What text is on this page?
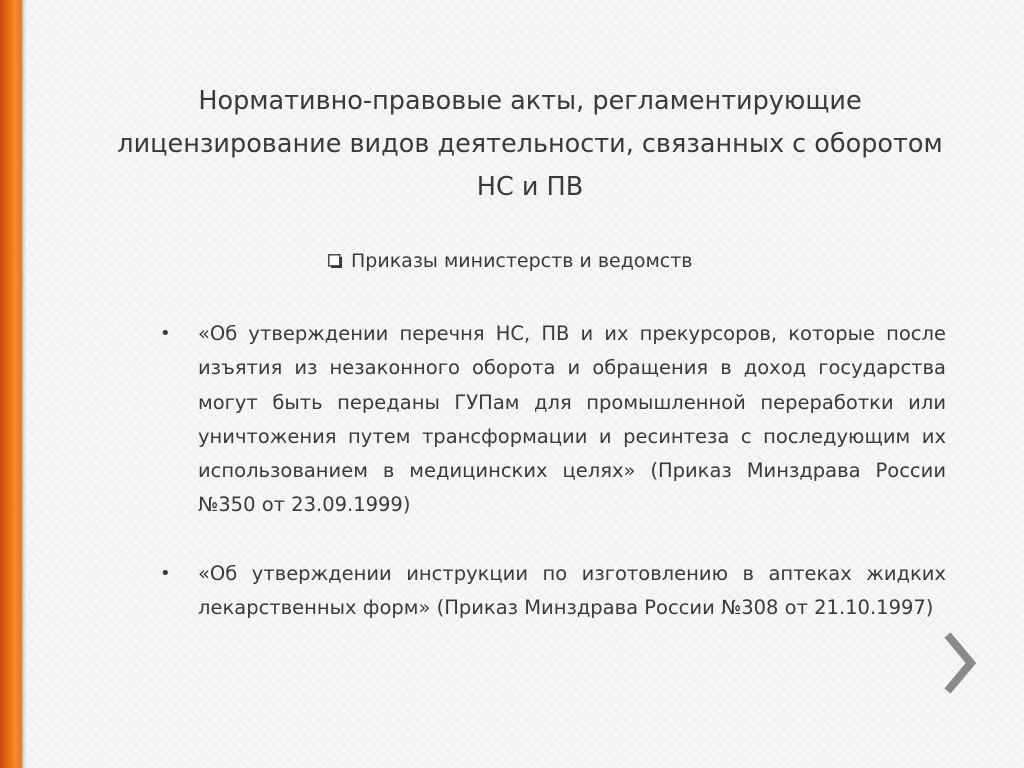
Нормативно-правовые акты, регламентирующие лицензирование видов деятельности, связанных с оборотом НС и ПВ
Приказы министерств и ведомств
• «Об утверждении перечня НС, ПВ и их прекурсоров, которые после изъятия из незаконного оборота и обращения в доход государства могут быть переданы ГУПам для промышленной переработки или уничтожения путем трансформации и ресинтеза с последующим их использованием в медицинских целях» (Приказ Минздрава России №350 от 23.09.1999)
• «Об утверждении инструкции по изготовлению в аптеках жидких лекарственных форм» (Приказ Минздрава России №308 от 21.10.1997)
